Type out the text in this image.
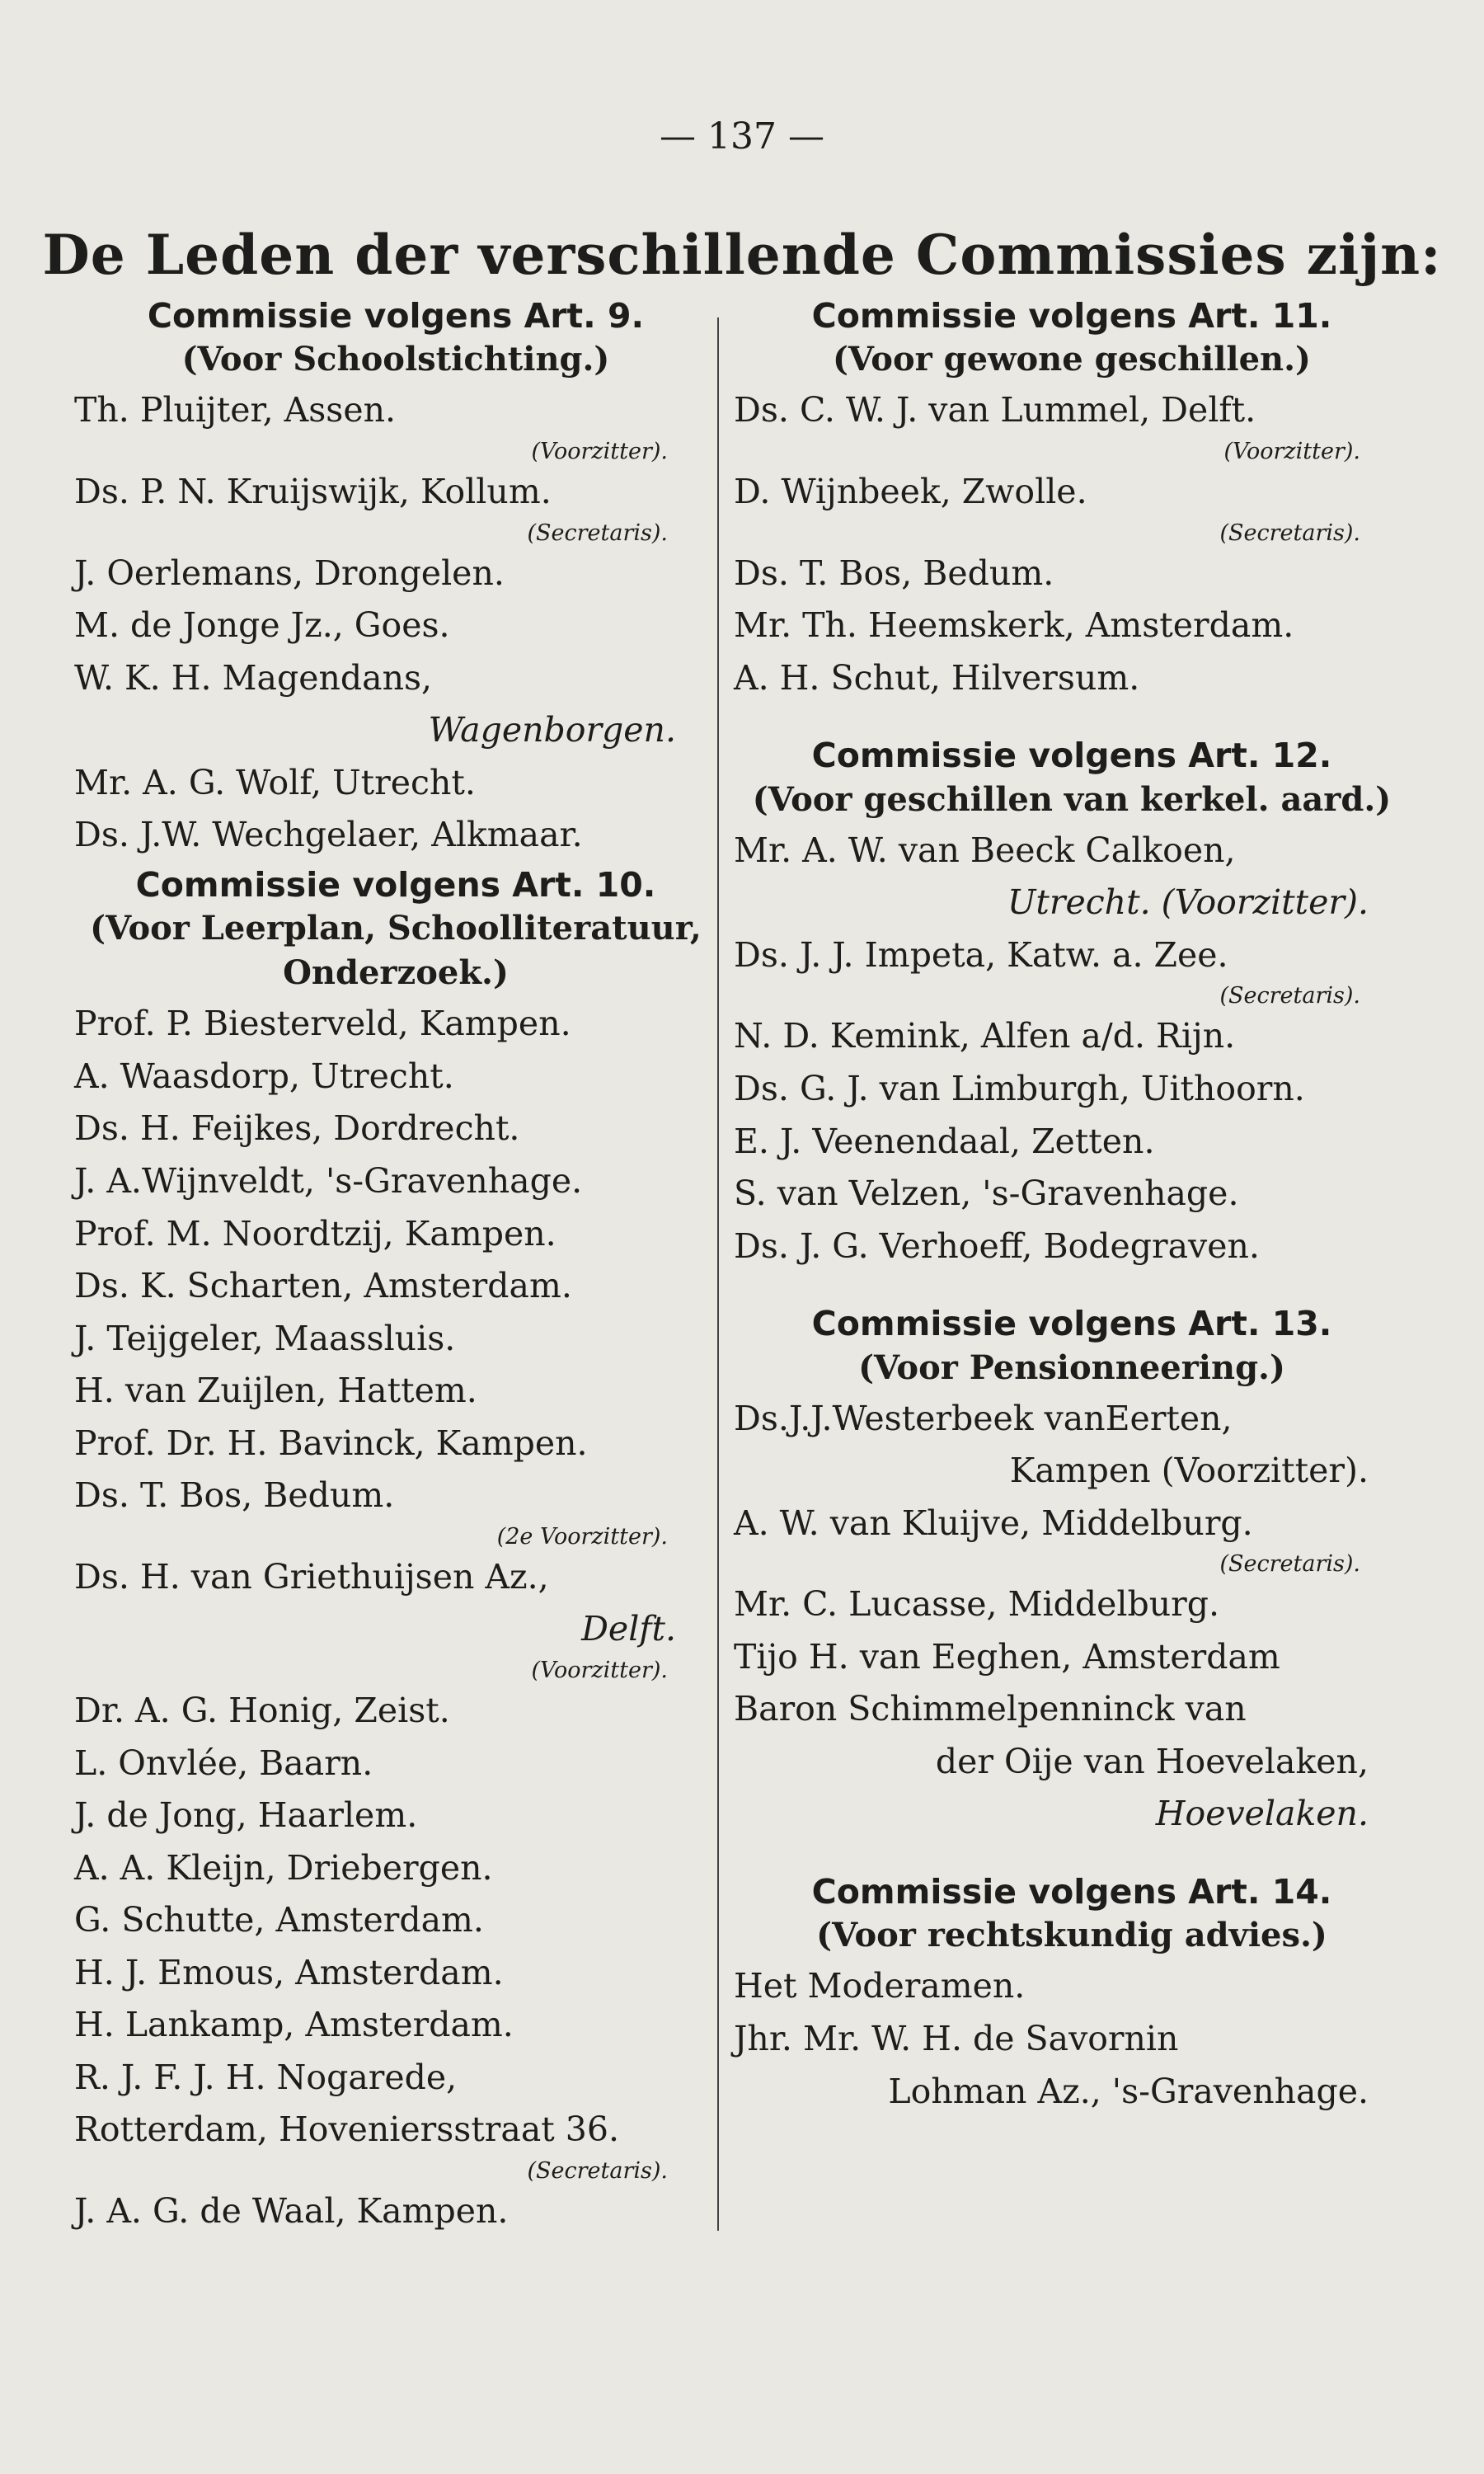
— 137 —
De Leden der verschillende Commissies zijn:
Commissie volgens Art. 9.
(Voor Schoolstichting.)
Th. Pluijter, Assen.
(Voorzitter).
Ds. P. N. Kruijswijk, Kollum.
(Secretaris).
J. Oerlemans, Drongelen.
M. de Jonge Jz., Goes.
W. K. H. Magendans,
Wagenborgen.
Mr. A. G. Wolf, Utrecht.
Ds. J.W. Wechgelaer, Alkmaar.
Commissie volgens Art. 10.
(Voor Leerplan, Schoolliteratuur,
Onderzoek.)
Prof. P. Biesterveld, Kampen.
A. Waasdorp, Utrecht.
Ds. H. Feijkes, Dordrecht.
J. A.Wijnveldt, 's-Gravenhage.
Prof. M. Noordtzij, Kampen.
Ds. K. Scharten, Amsterdam.
J. Teijgeler, Maassluis.
H. van Zuijlen, Hattem.
Prof. Dr. H. Bavinck, Kampen.
Ds. T. Bos, Bedum.
(2e Voorzitter).
Ds. H. van Griethuijsen Az.,
Delft.
(Voorzitter).
Dr. A. G. Honig, Zeist.
L. Onvlée, Baarn.
J. de Jong, Haarlem.
A. A. Kleijn, Driebergen.
G. Schutte, Amsterdam.
H. J. Emous, Amsterdam.
H. Lankamp, Amsterdam.
R. J. F. J. H. Nogarede,
Rotterdam, Hoveniersstraat 36.
(Secretaris).
J. A. G. de Waal, Kampen.
Commissie volgens Art. 11.
(Voor gewone geschillen.)
Ds. C. W. J. van Lummel, Delft.
(Voorzitter).
D. Wijnbeek, Zwolle.
(Secretaris).
Ds. T. Bos, Bedum.
Mr. Th. Heemskerk, Amsterdam.
A. H. Schut, Hilversum.
Commissie volgens Art. 12.
(Voor geschillen van kerkel. aard.)
Mr. A. W. van Beeck Calkoen,
Utrecht. (Voorzitter).
Ds. J. J. Impeta, Katw. a. Zee.
(Secretaris).
N. D. Kemink, Alfen a/d. Rijn.
Ds. G. J. van Limburgh, Uithoorn.
E. J. Veenendaal, Zetten.
S. van Velzen, 's-Gravenhage.
Ds. J. G. Verhoeff, Bodegraven.
Commissie volgens Art. 13.
(Voor Pensionneering.)
Ds.J.J.Westerbeek vanEerten,
Kampen (Voorzitter).
A. W. van Kluijve, Middelburg.
(Secretaris).
Mr. C. Lucasse, Middelburg.
Tijo H. van Eeghen, Amsterdam
Baron Schimmelpenninck van
der Oije van Hoevelaken,
Hoevelaken.
Commissie volgens Art. 14.
(Voor rechtskundig advies.)
Het Moderamen.
Jhr. Mr. W. H. de Savornin
Lohman Az., 's-Gravenhage.
